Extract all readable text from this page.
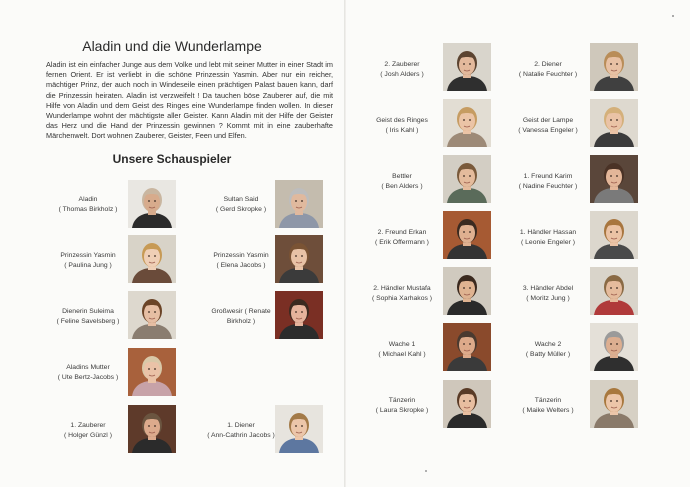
Aladin und die Wunderlampe

Aladin ist ein einfacher Junge aus dem Volke und lebt mit seiner Mutter in einer Stadt im fernen Orient. Er ist verliebt in die schöne Prinzessin Yasmin. Aber nur ein reicher, mächtiger Prinz, der auch noch in Windeseile einen prächtigen Palast bauen kann, darf die Prinzessin heiraten. Aladin ist verzweifelt ! Da tauchen böse Zauberer auf, die mit Hilfe von Aladin und dem Geist des Ringes eine Wunderlampe finden wollen. In dieser Wunderlampe wohnt der mächtigste aller Geister. Kann Aladin mit der Hilfe der Geister das Herz und die Hand der Prinzessin gewinnen ? Kommt mit in eine zauberhafte Märchenwelt. Dort wohnen Zauberer, Geister, Feen und Elfen.

Unsere Schauspieler
Aladin
( Thomas Birkholz )
Sultan Said
( Gerd Skropke )
Prinzessin Yasmin
( Paulina Jung )
Prinzessin Yasmin
( Elena Jacobs )
Dienerin Suleima
( Feline Savelsberg )
Großwesir ( Renate
Birkholz )
Aladins Mutter
( Ute Bertz-Jacobs )
1. Zauberer
( Holger Günzl )
1. Diener
( Ann-Cathrin Jacobs )
2. Zauberer
( Josh Alders )
2. Diener
( Natalie Feuchter )
Geist des Ringes
( Iris Kahl )
Geist der Lampe
( Vanessa Engeler )
Bettler
( Ben Alders )
1. Freund Karim
( Nadine Feuchter )
2. Freund Erkan
( Erik Offermann )
1. Händler Hassan
( Leonie Engeler )
2. Händler Mustafa
( Sophia Xarhakos )
3. Händler Abdel
( Moritz Jung )
Wache 1
( Michael Kahl )
Wache 2
( Batty Müller )
Tänzerin
( Laura Skropke )
Tänzerin
( Maike Welters )
